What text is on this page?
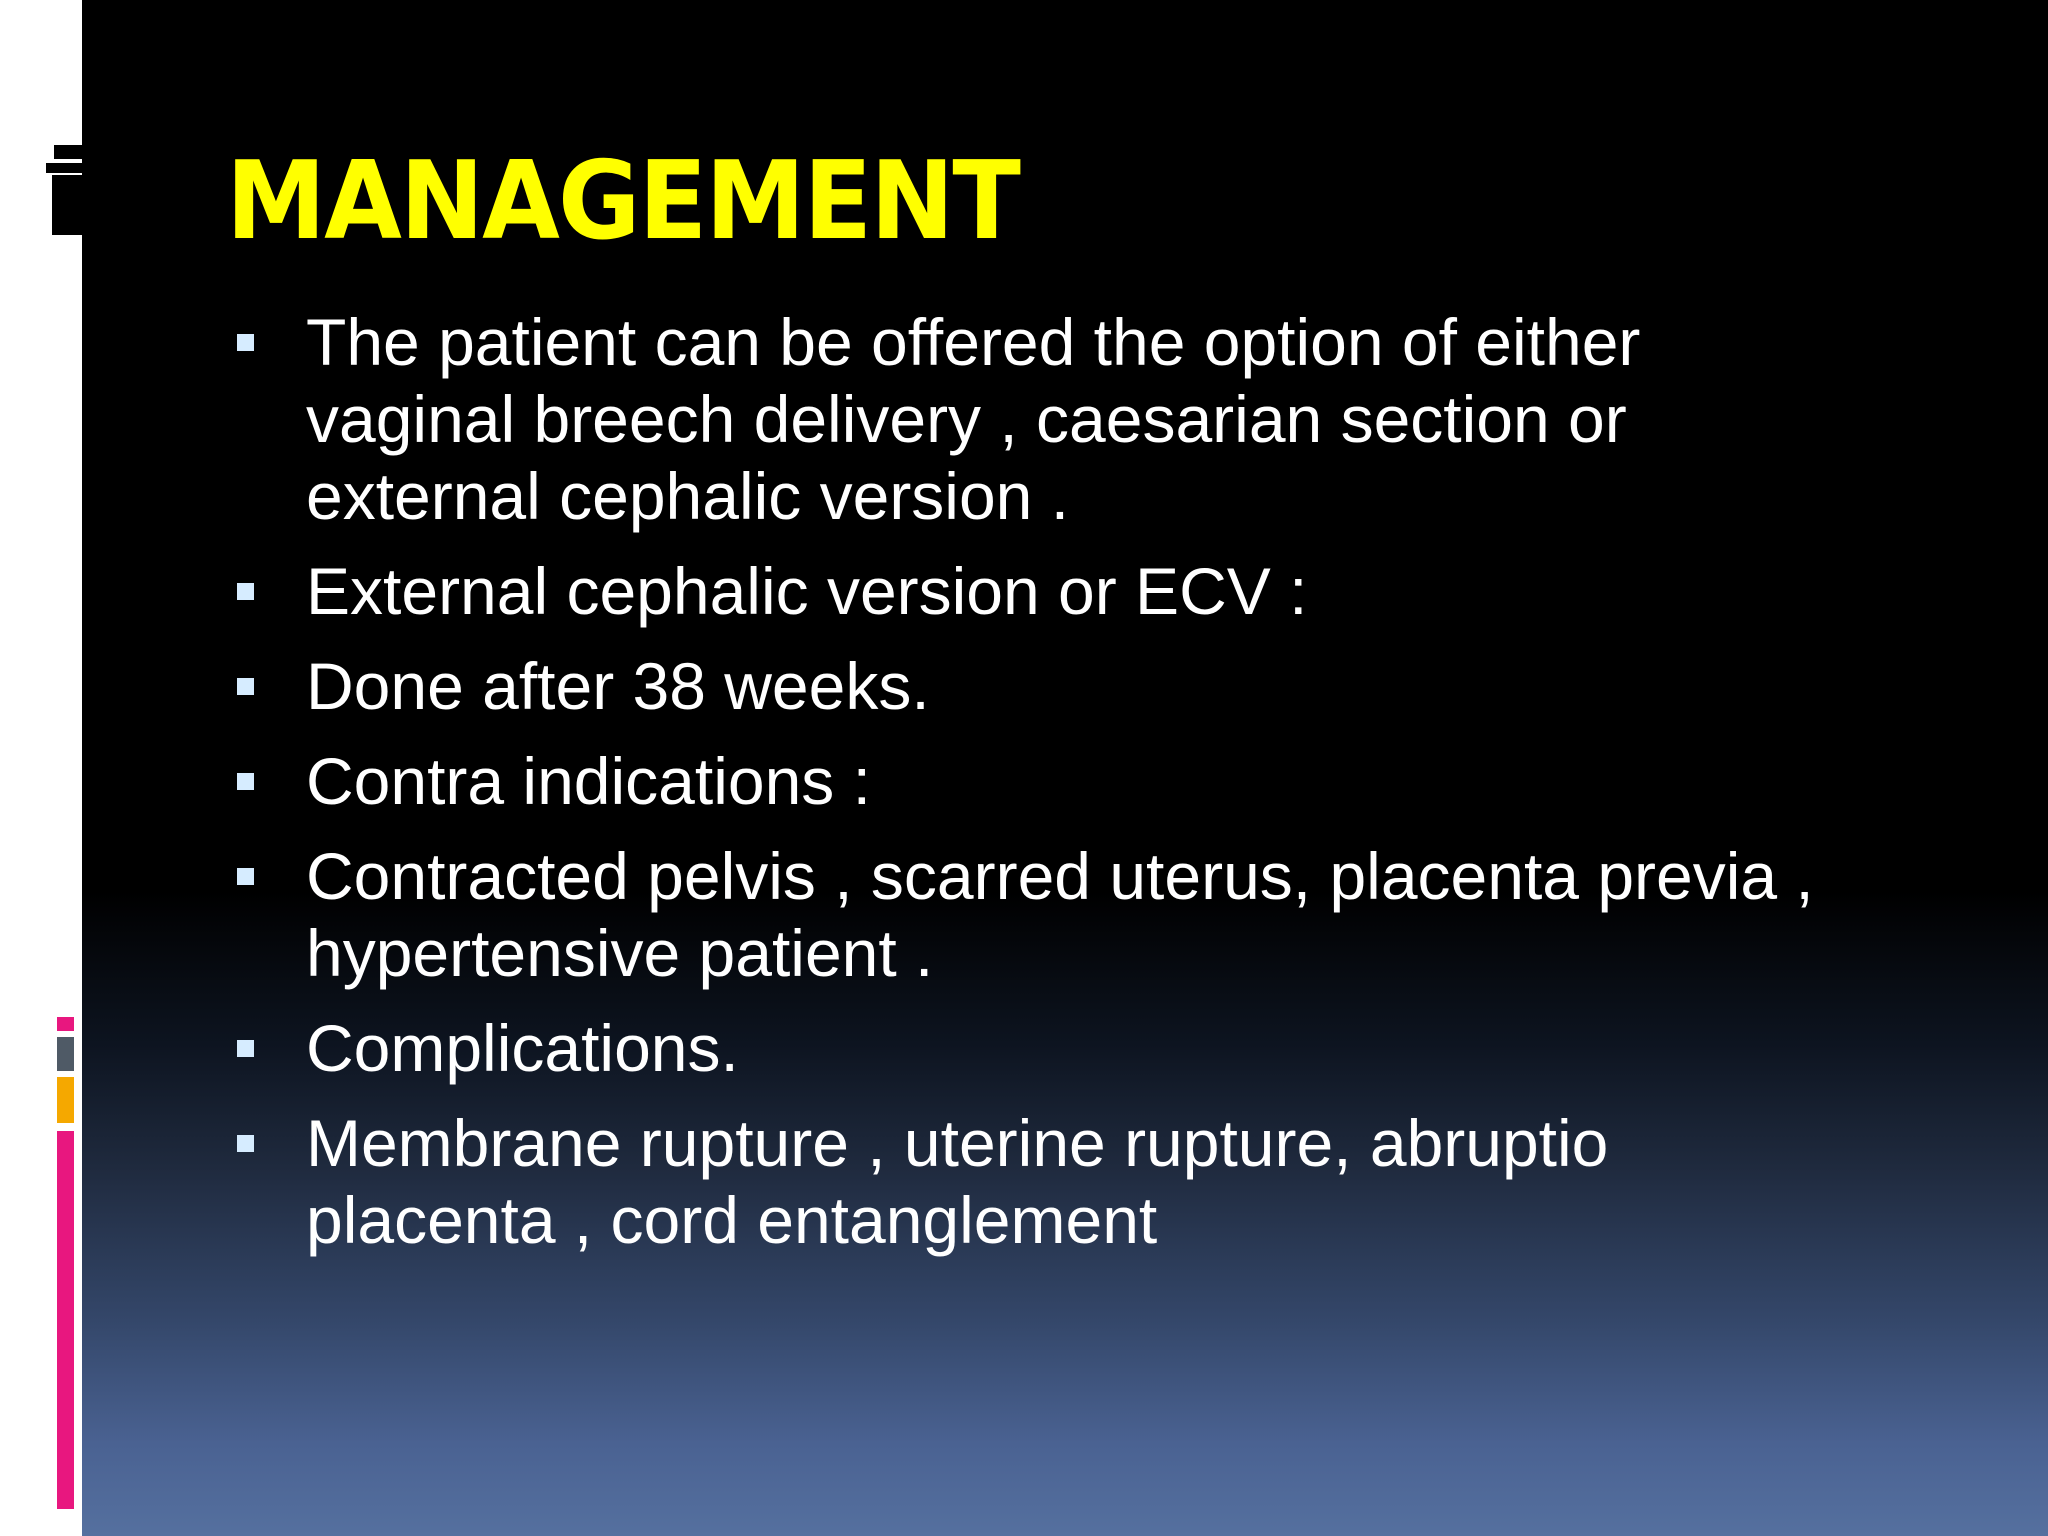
MANAGEMENT
The patient can be offered the option of either vaginal breech delivery , caesarian section or external cephalic version .
External cephalic version or ECV :
Done after 38 weeks.
Contra indications :
Contracted pelvis , scarred uterus, placenta previa , hypertensive patient .
Complications.
Membrane rupture , uterine rupture, abruptio placenta , cord entanglement
